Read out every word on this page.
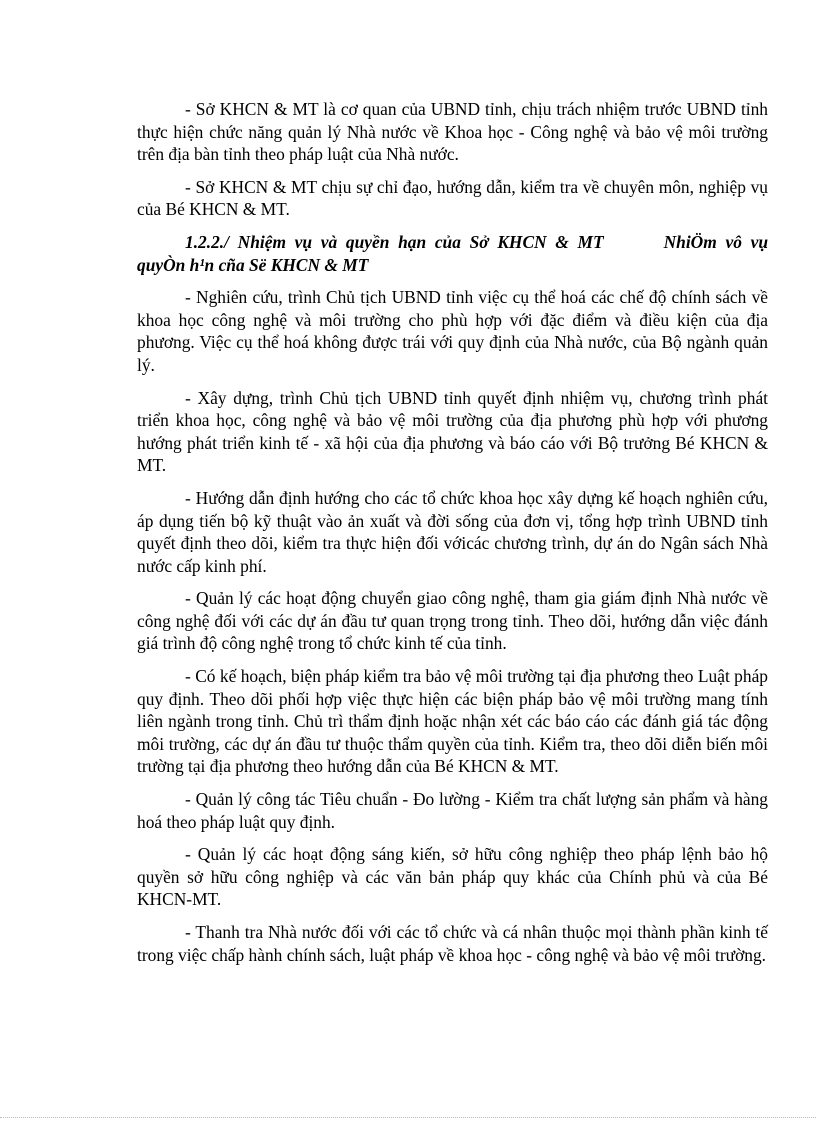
- Sở KHCN & MT là cơ quan của UBND tỉnh, chịu trách nhiệm trước UBND tỉnh thực hiện chức năng quản lý Nhà nước về Khoa học - Công nghệ và bảo vệ môi trường trên địa bàn tỉnh theo pháp luật của Nhà nước.

- Sở KHCN & MT chịu sự chỉ đạo, hướng dẫn, kiểm tra về chuyên môn, nghiệp vụ của Bé KHCN & MT.

1.2.2./ Nhiệm vụ và quyền hạn của Sở KHCN & MT	NhiÖm vô vụ quyÒn h¹n cña Së KHCN & MT

- Nghiên cứu, trình Chủ tịch UBND tỉnh việc cụ thể hoá các chế độ chính sách về khoa học công nghệ và môi trường cho phù hợp với đặc điểm và điều kiện của địa phương. Việc cụ thể hoá không được trái với quy định của Nhà nước, của Bộ ngành quản lý.

- Xây dựng, trình Chủ tịch UBND tỉnh quyết định nhiệm vụ, chương trình phát triển khoa học, công nghệ và bảo vệ môi trường của địa phương phù hợp với phương hướng phát triển kinh tế - xã hội của địa phương và báo cáo với Bộ trưởng Bé KHCN & MT.

- Hướng dẫn định hướng cho các tổ chức khoa học xây dựng kế hoạch nghiên cứu, áp dụng tiến bộ kỹ thuật vào ản xuất và đời sống của đơn vị, tổng hợp trình UBND tỉnh quyết định theo dõi, kiểm tra thực hiện đối vớicác chương trình, dự án do Ngân sách Nhà nước cấp kinh phí.

- Quản lý các hoạt động chuyển giao công nghệ, tham gia giám định Nhà nước về công nghệ đối với các dự án đầu tư quan trọng trong tỉnh. Theo dõi, hướng dẫn việc đánh giá trình độ công nghệ trong tổ chức kinh tế của tỉnh.

- Có kế hoạch, biện pháp kiểm tra bảo vệ môi trường tại địa phương theo Luật pháp quy định. Theo dõi phối hợp việc thực hiện các biện pháp bảo vệ môi trường mang tính liên ngành trong tỉnh. Chủ trì thẩm định hoặc nhận xét các báo cáo các đánh giá tác động môi trường, các dự án đầu tư thuộc thẩm quyền của tỉnh. Kiểm tra, theo dõi diễn biến môi trường tại địa phương theo hướng dẫn của Bé KHCN & MT.

- Quản lý công tác Tiêu chuẩn - Đo lường - Kiểm tra chất lượng sản phẩm và hàng hoá theo pháp luật quy định.

- Quản lý các hoạt động sáng kiến, sở hữu công nghiệp theo pháp lệnh bảo hộ quyền sở hữu công nghiệp và các văn bản pháp quy khác của Chính phủ và của Bé KHCN-MT.

- Thanh tra Nhà nước đối với các tổ chức và cá nhân thuộc mọi thành phần kinh tế trong việc chấp hành chính sách, luật pháp về khoa học - công nghệ và bảo vệ môi trường.
